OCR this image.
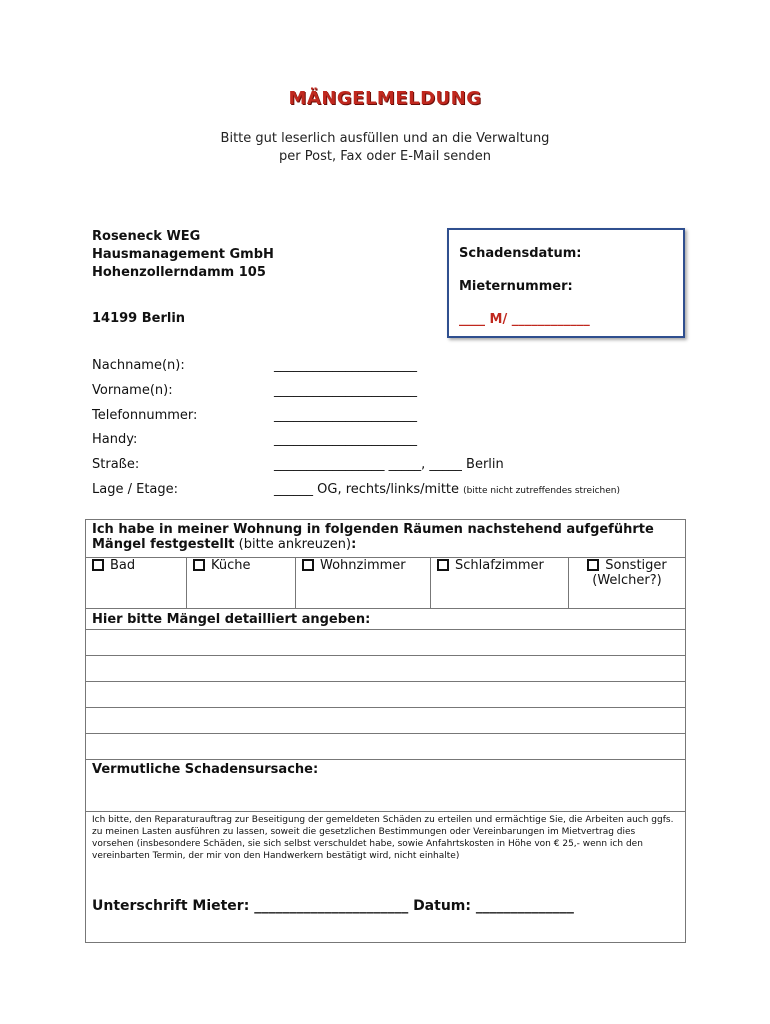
MÄNGELMELDUNG
Bitte gut leserlich ausfüllen und an die Verwaltung
per Post, Fax oder E-Mail senden
Roseneck WEG
Hausmanagement GmbH
Hohenzollerndamm 105
14199 Berlin
Schadensdatum:
Mieternummer:
____ M/ ____________
Nachname(n):	______________________
Vorname(n):	______________________
Telefonnummer:	______________________
Handy:	______________________
Straße:	_________________ _____, _____ Berlin
Lage / Etage:	______ OG, rechts/links/mitte (bitte nicht zutreffendes streichen)
Ich habe in meiner Wohnung in folgenden Räumen nachstehend aufgeführte Mängel festgestellt (bitte ankreuzen):
Bad	Küche	Wohnzimmer	Schlafzimmer	Sonstiger
(Welcher?)
Hier bitte Mängel detailliert angeben:

Vermutliche Schadensursache:

Ich bitte, den Reparaturauftrag zur Beseitigung der gemeldeten Schäden zu erteilen und ermächtige Sie, die Arbeiten auch ggfs. zu meinen Lasten ausführen zu lassen, soweit die gesetzlichen Bestimmungen oder Vereinbarungen im Mietvertrag dies vorsehen (insbesondere Schäden, sie sich selbst verschuldet habe, sowie Anfahrtskosten in Höhe von € 25,- wenn ich den vereinbarten Termin, der mir von den Handwerkern bestätigt wird, nicht einhalte)
Unterschrift Mieter: ______________________ Datum: ______________
